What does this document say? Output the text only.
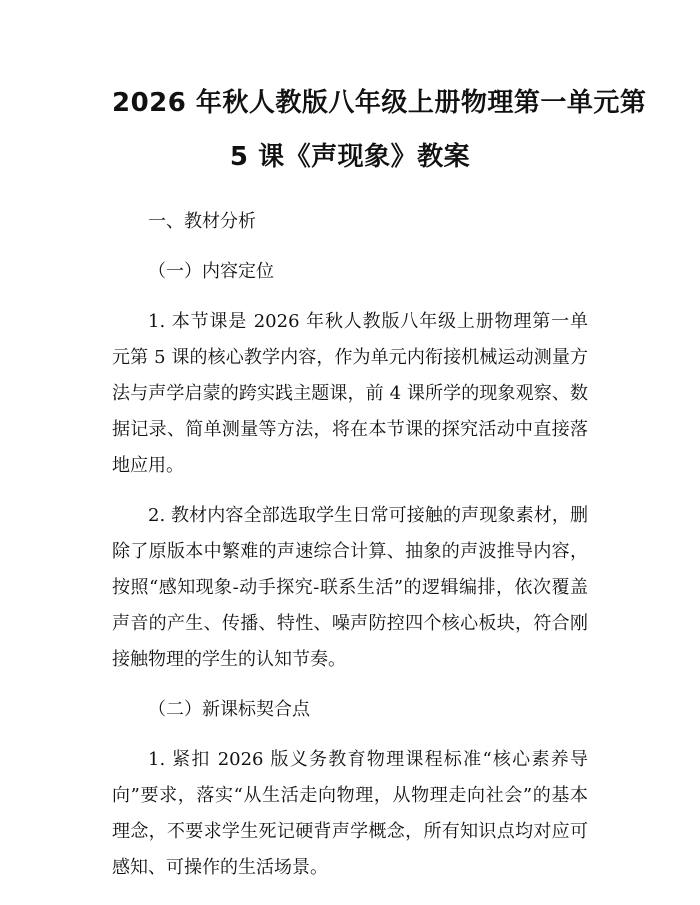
2026 年秋人教版八年级上册物理第一单元第
5 课《声现象》教案

一、教材分析

（一）内容定位

1. 本节课是 2026 年秋人教版八年级上册物理第一单元第 5 课的核心教学内容，作为单元内衔接机械运动测量方法与声学启蒙的跨实践主题课，前 4 课所学的现象观察、数据记录、简单测量等方法，将在本节课的探究活动中直接落地应用。

2. 教材内容全部选取学生日常可接触的声现象素材，删除了原版本中繁难的声速综合计算、抽象的声波推导内容，按照“感知现象-动手探究-联系生活”的逻辑编排，依次覆盖声音的产生、传播、特性、噪声防控四个核心板块，符合刚接触物理的学生的认知节奏。

（二）新课标契合点

1. 紧扣 2026 版义务教育物理课程标准“核心素养导向”要求，落实“从生活走向物理，从物理走向社会”的基本理念，不要求学生死记硬背声学概念，所有知识点均对应可感知、可操作的生活场景。
